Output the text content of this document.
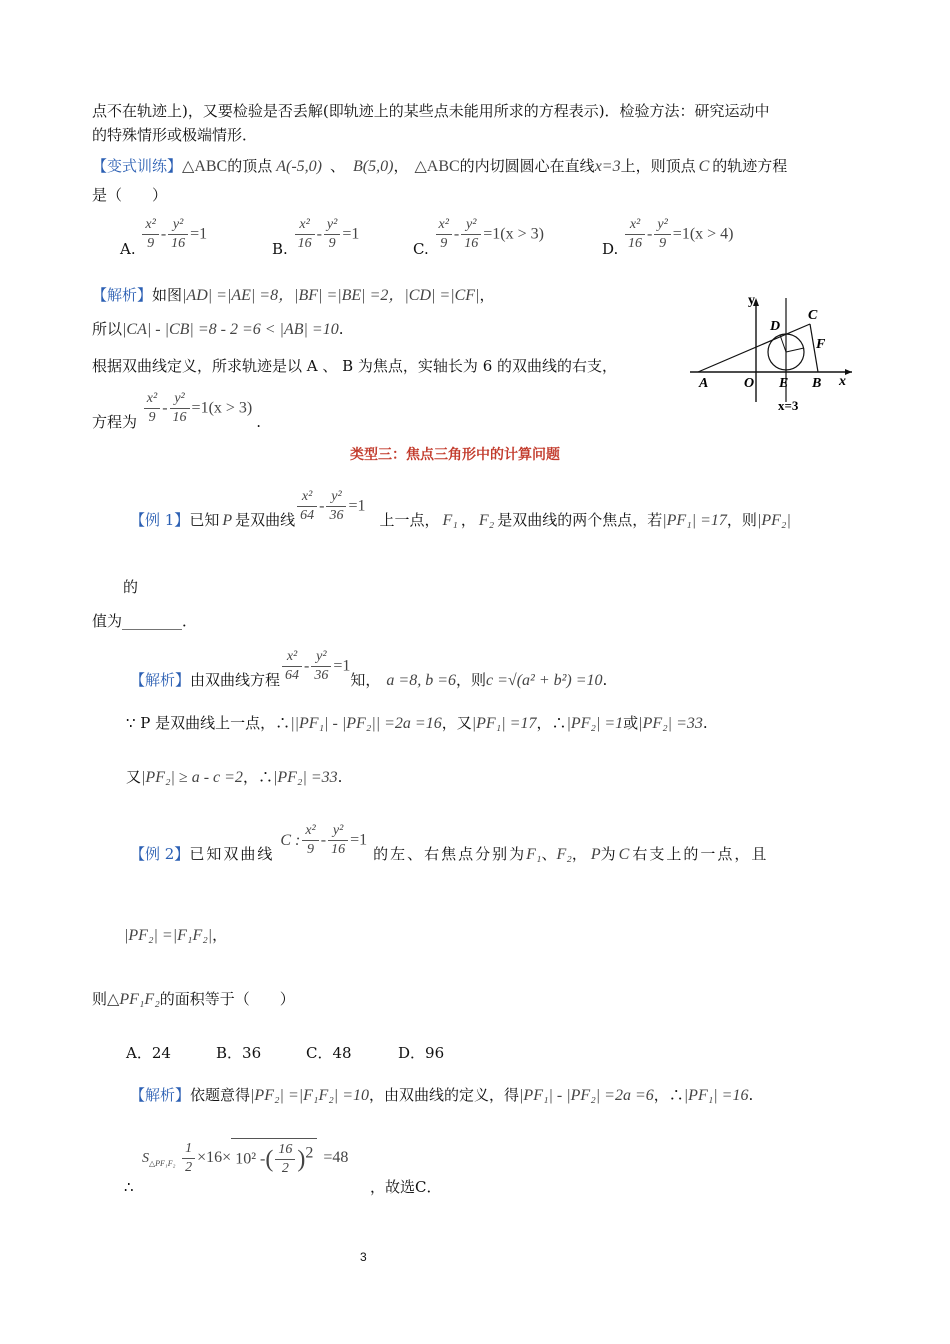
点不在轨迹上)，又要检验是否丢解(即轨迹上的某些点未能用所求的方程表示)．检验方法：研究运动中
的特殊情形或极端情形．
【变式训练】△ABC的顶点 A(-5,0) 、 B(5,0)， △ABC的内切圆圆心在直线x=3上，则顶点 C 的轨迹方程
是（　　）
A. $\frac{\text{x²}}{9} - \frac{\text{y²}}{16} =1$
B. $\frac{\text{x²}}{16} - \frac{\text{y²}}{9} =1$
C. $\frac{\text{x²}}{9} - \frac{\text{y²}}{16} =1(x > 3)$
D. $\frac{\text{x²}}{16} - \frac{\text{y²}}{9} =1(x > 4)$
【解析】如图|AD| =|AE| =8，|BF| =|BE| =2，|CD| =|CF|，
所以|CA| - |CB| =8 - 2 =6 < |AB| =10.
根据双曲线定义，所求轨迹是以 A 、 B 为焦点，实轴长为 6 的双曲线的右支，
方程为 $\frac{\text{x²}}{9} - \frac{\text{y²}}{16} =1(x > 3)$.
y
x
A	O E B
C
D
F
x=3
类型三：焦点三角形中的计算问题
【例 1】已知 P 是双曲线 $\frac{\text{x²}}{64} - \frac{\text{y²}}{36} =1$上一点， F₁ ， F₂ 是双曲线的两个焦点，若|PF₁| =17，则|PF₂|
的
值为________．
【解析】由双曲线方程 $\frac{\text{x²}}{64} - \frac{\text{y²}}{36} =1$知， a =8, b =6，则c =√(a² + b²) =10.
∵ P 是双曲线上一点，∴||PF₁| - |PF₂|| =2a =16，又|PF₁| =17，∴|PF₂| =1或|PF₂| =33.
又|PF₂| ≥ a - c =2，∴|PF₂| =33.
【例 2】已知双曲线C : $\frac{\text{x²}}{9} - \frac{\text{y²}}{16} =1$的左、右焦点分别为F₁、F₂， P为 C 右支上的一点，且
|PF₂| =|F₁F₂|，
则△PF₁F₂的面积等于（　　）
A．24	B．36	C．48	D．96
【解析】依题意得|PF₂| =|F₁F₂| =10，由双曲线的定义，得|PF₁| - |PF₂| =2a =6，∴|PF₁| =16.
$S_{\triangle PF_1F_2} \frac{1}{2} \times 16\times 10^2$ -( $\frac{16}{2} )^2 =48$
∴	，故选C．
3
